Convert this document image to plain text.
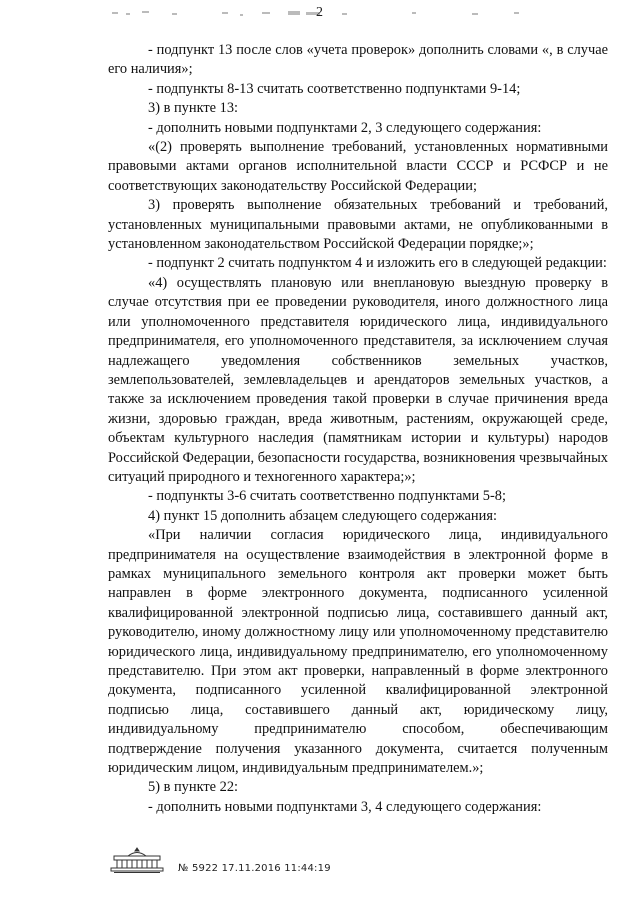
2

- подпункт 13 после слов «учета проверок» дополнить словами «, в случае его наличия»;

- подпункты 8-13 считать соответственно подпунктами 9-14;

3) в пункте 13:

- дополнить новыми подпунктами 2, 3 следующего содержания:

«(2) проверять выполнение требований, установленных нормативными правовыми актами органов исполнительной власти СССР и РСФСР и не соответствующих законодательству Российской Федерации;

3) проверять выполнение обязательных требований и требований, установленных муниципальными правовыми актами, не опубликованными в установленном законодательством Российской Федерации порядке;»;

- подпункт 2 считать подпунктом 4 и изложить его в следующей редакции:

«4) осуществлять плановую или внеплановую выездную проверку в случае отсутствия при ее проведении руководителя, иного должностного лица или уполномоченного представителя юридического лица, индивидуального предпринимателя, его уполномоченного представителя, за исключением случая надлежащего уведомления собственников земельных участков, землепользователей, землевладельцев и арендаторов земельных участков, а также за исключением проведения такой проверки в случае причинения вреда жизни, здоровью граждан, вреда животным, растениям, окружающей среде, объектам культурного наследия (памятникам истории и культуры) народов Российской Федерации, безопасности государства, возникновения чрезвычайных ситуаций природного и техногенного характера;»;

- подпункты 3-6 считать соответственно подпунктами 5-8;

4) пункт 15 дополнить абзацем следующего содержания:

«При наличии согласия юридического лица, индивидуального предпринимателя на осуществление взаимодействия в электронной форме в рамках муниципального земельного контроля акт проверки может быть направлен в форме электронного документа, подписанного усиленной квалифицированной электронной подписью лица, составившего данный акт, руководителю, иному должностному лицу или уполномоченному представителю юридического лица, индивидуальному предпринимателю, его уполномоченному представителю. При этом акт проверки, направленный в форме электронного документа, подписанного усиленной квалифицированной электронной подписью лица, составившего данный акт, юридическому лицу, индивидуальному предпринимателю способом, обеспечивающим подтверждение получения указанного документа, считается полученным юридическим лицом, индивидуальным предпринимателем.»;

5) в пункте 22:

- дополнить новыми подпунктами 3, 4 следующего содержания:

№ 5922 17.11.2016 11:44:19
